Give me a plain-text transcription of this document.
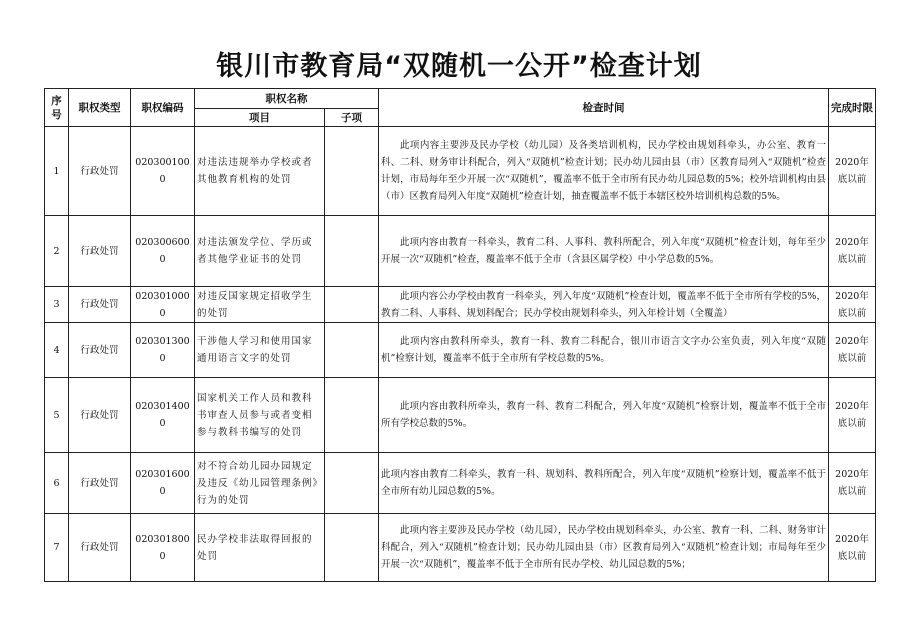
银川市教育局“双随机一公开”检查计划
序号	职权类型	职权编码	职权名称		检查时间	完成时限
			项目	子项		
1	行政处罚	0203001000	对违法违规举办学校或者其他教育机构的处罚		此项内容主要涉及民办学校（幼儿园）及各类培训机构，民办学校由规划科牵头，办公室、教育一科、二科、财务审计科配合，列入“双随机”检查计划；民办幼儿园由县（市）区教育局列入“双随机”检查计划，市局每年至少开展一次“双随机”，覆盖率不低于全市所有民办幼儿园总数的5%；校外培训机构由县（市）区教育局列入年度“双随机”检查计划，抽查覆盖率不低于本辖区校外培训机构总数的5%。	2020年底以前
2	行政处罚	0203006000	对违法颁发学位、学历或者其他学业证书的处罚		此项内容由教育一科牵头，教育二科、人事科、教科所配合，列入年度“双随机”检查计划，每年至少开展一次“双随机”检查，覆盖率不低于全市（含县区属学校）中小学总数的5%。	2020年底以前
3	行政处罚	0203010000	对违反国家规定招收学生的处罚		此项内容公办学校由教育一科牵头，列入年度“双随机”检查计划，覆盖率不低于全市所有学校的5%，教育二科、人事科、规划科配合；民办学校由规划科牵头，列入年检计划（全覆盖）	2020年底以前
4	行政处罚	0203013000	干涉他人学习和使用国家通用语言文字的处罚		此项内容由教科所牵头，教育一科、教育二科配合，银川市语言文字办公室负责，列入年度“双随机”检察计划，覆盖率不低于全市所有学校总数的5%。	2020年底以前
5	行政处罚	0203014000	国家机关工作人员和教科书审查人员参与或者变相参与教科书编写的处罚		此项内容由教科所牵头，教育一科、教育二科配合，列入年度“双随机”检察计划，覆盖率不低于全市所有学校总数的5%。	2020年底以前
6	行政处罚	0203016000	对不符合幼儿园办园规定及违反《幼儿园管理条例》行为的处罚		此项内容由教育二科牵头，教育一科、规划科、教科所配合，列入年度“双随机”检察计划，覆盖率不低于全市所有幼儿园总数的5%。	2020年底以前
7	行政处罚	0203018000	民办学校非法取得回报的处罚		此项内容主要涉及民办学校（幼儿园），民办学校由规划科牵头，办公室、教育一科、二科、财务审计科配合，列入“双随机”检查计划；民办幼儿园由县（市）区教育局列入“双随机”检查计划；市局每年至少开展一次“双随机”，覆盖率不低于全市所有民办学校、幼儿园总数的5%；	2020年底以前
